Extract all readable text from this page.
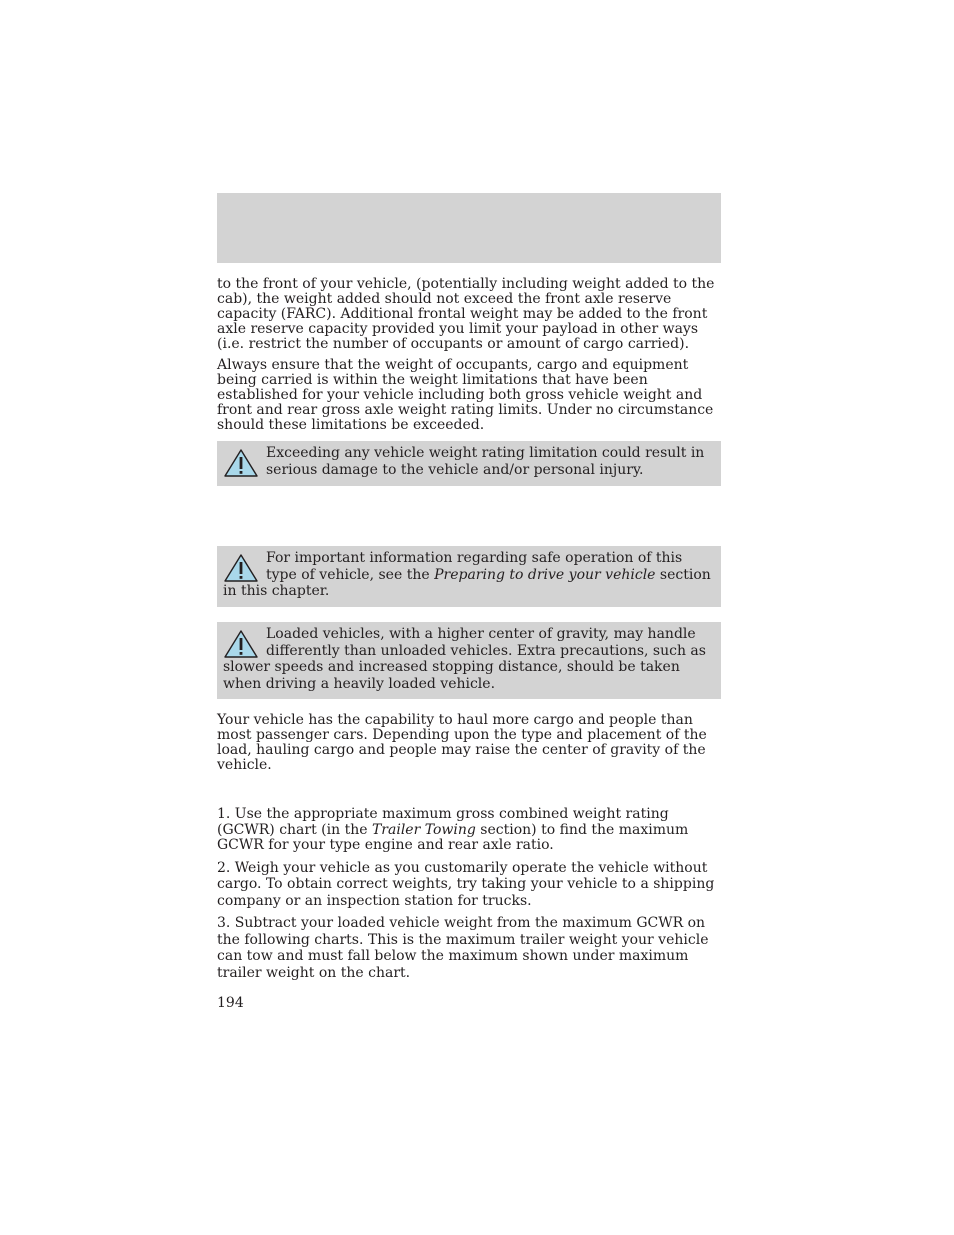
to the front of your vehicle, (potentially including weight added to the cab), the weight added should not exceed the front axle reserve capacity (FARC). Additional frontal weight may be added to the front axle reserve capacity provided you limit your payload in other ways (i.e. restrict the number of occupants or amount of cargo carried).

Always ensure that the weight of occupants, cargo and equipment being carried is within the weight limitations that have been established for your vehicle including both gross vehicle weight and front and rear gross axle weight rating limits. Under no circumstance should these limitations be exceeded.

Exceeding any vehicle weight rating limitation could result in serious damage to the vehicle and/or personal injury.
For important information regarding safe operation of this type of vehicle, see the Preparing to drive your vehicle section in this chapter.
Loaded vehicles, with a higher center of gravity, may handle differently than unloaded vehicles. Extra precautions, such as slower speeds and increased stopping distance, should be taken when driving a heavily loaded vehicle.

Your vehicle has the capability to haul more cargo and people than most passenger cars. Depending upon the type and placement of the load, hauling cargo and people may raise the center of gravity of the vehicle.

1. Use the appropriate maximum gross combined weight rating (GCWR) chart (in the Trailer Towing section) to find the maximum GCWR for your type engine and rear axle ratio.

2. Weigh your vehicle as you customarily operate the vehicle without cargo. To obtain correct weights, try taking your vehicle to a shipping company or an inspection station for trucks.

3. Subtract your loaded vehicle weight from the maximum GCWR on the following charts. This is the maximum trailer weight your vehicle can tow and must fall below the maximum shown under maximum trailer weight on the chart.

194
